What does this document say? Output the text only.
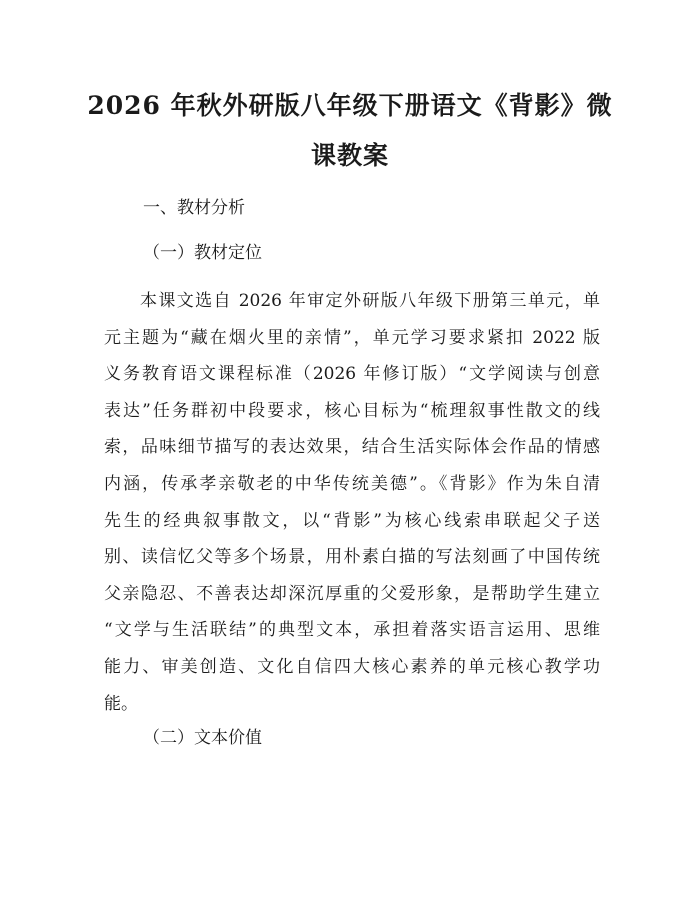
2026 年秋外研版八年级下册语文《背影》微
课教案
一、教材分析
（一）教材定位
本课文选自 2026 年审定外研版八年级下册第三单元，单
元主题为“藏在烟火里的亲情”，单元学习要求紧扣 2022 版
义务教育语文课程标准（2026 年修订版）“文学阅读与创意
表达”任务群初中段要求，核心目标为“梳理叙事性散文的线
索，品味细节描写的表达效果，结合生活实际体会作品的情感
内涵，传承孝亲敬老的中华传统美德”。《背影》作为朱自清
先生的经典叙事散文，以“背影”为核心线索串联起父子送
别、读信忆父等多个场景，用朴素白描的写法刻画了中国传统
父亲隐忍、不善表达却深沉厚重的父爱形象，是帮助学生建立
“文学与生活联结”的典型文本，承担着落实语言运用、思维
能力、审美创造、文化自信四大核心素养的单元核心教学功
能。
（二）文本价值
